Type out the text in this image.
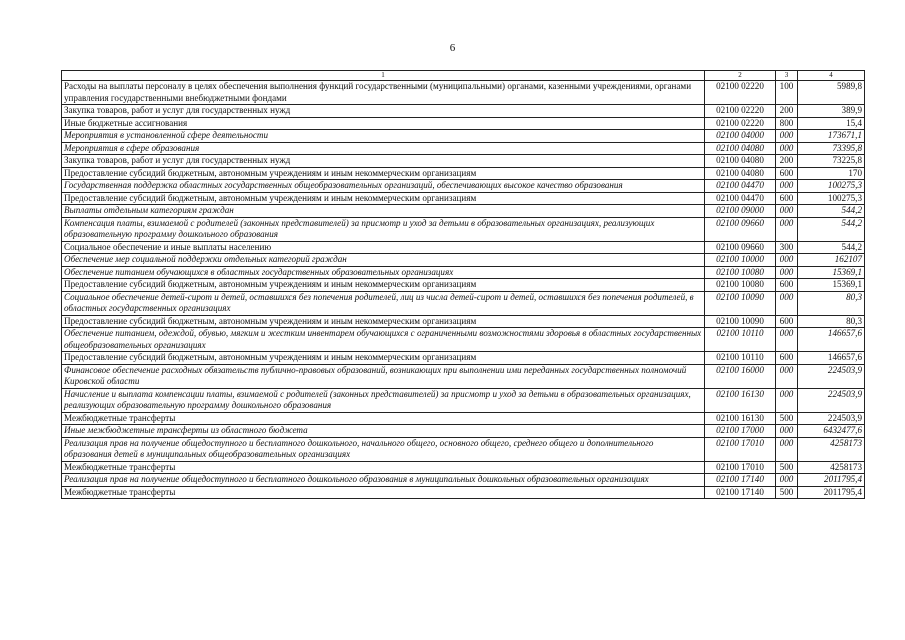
6
1	2	3	4
Расходы на выплаты персоналу в целях обеспечения выполнения функций государственными (муниципальными) органами, казенными учреждениями, органами управления государственными внебюджетными фондами	02100 02220	100	5989,8
Закупка товаров, работ и услуг для государственных нужд	02100 02220	200	389,9
Иные бюджетные ассигнования	02100 02220	800	15,4
Мероприятия в установленной сфере деятельности	02100 04000	000	173671,1
Мероприятия в сфере образования	02100 04080	000	73395,8
Закупка товаров, работ и услуг для государственных нужд	02100 04080	200	73225,8
Предоставление субсидий бюджетным, автономным учреждениям и иным некоммерческим организациям	02100 04080	600	170
Государственная поддержка областных государственных общеобразовательных организаций, обеспечивающих высокое качество образования	02100 04470	000	100275,3
Предоставление субсидий бюджетным, автономным учреждениям и иным некоммерческим организациям	02100 04470	600	100275,3
Выплаты отдельным категориям граждан	02100 09000	000	544,2
Компенсация платы, взимаемой с родителей (законных представителей) за присмотр и уход за детьми в образовательных организациях, реализующих образовательную программу дошкольного образования	02100 09660	000	544,2
Социальное обеспечение и иные выплаты населению	02100 09660	300	544,2
Обеспечение мер социальной поддержки отдельных категорий граждан	02100 10000	000	162107
Обеспечение питанием обучающихся в областных государственных образовательных организациях	02100 10080	000	15369,1
Предоставление субсидий бюджетным, автономным учреждениям и иным некоммерческим организациям	02100 10080	600	15369,1
Социальное обеспечение детей-сирот и детей, оставшихся без попечения родителей, лиц из числа детей-сирот и детей, оставшихся без попечения родителей, в областных государственных организациях	02100 10090	000	80,3
Предоставление субсидий бюджетным, автономным учреждениям и иным некоммерческим организациям	02100 10090	600	80,3
Обеспечение питанием, одеждой, обувью, мягким и жестким инвентарем обучающихся с ограниченными возможностями здоровья в областных государственных общеобразовательных организациях	02100 10110	000	146657,6
Предоставление субсидий бюджетным, автономным учреждениям и иным некоммерческим организациям	02100 10110	600	146657,6
Финансовое обеспечение расходных обязательств публично-правовых образований, возникающих при выполнении ими переданных государственных полномочий Кировской области	02100 16000	000	224503,9
Начисление и выплата компенсации платы, взимаемой с родителей (законных представителей) за присмотр и уход за детьми в образовательных организациях, реализующих образовательную программу дошкольного образования	02100 16130	000	224503,9
Межбюджетные трансферты	02100 16130	500	224503,9
Иные межбюджетные трансферты из областного бюджета	02100 17000	000	6432477,6
Реализация прав на получение общедоступного и бесплатного дошкольного, начального общего, основного общего, среднего общего и дополнительного образования детей в муниципальных общеобразовательных организациях	02100 17010	000	4258173
Межбюджетные трансферты	02100 17010	500	4258173
Реализация прав на получение общедоступного и бесплатного дошкольного образования в муниципальных дошкольных образовательных организациях	02100 17140	000	2011795,4
Межбюджетные трансферты	02100 17140	500	2011795,4
